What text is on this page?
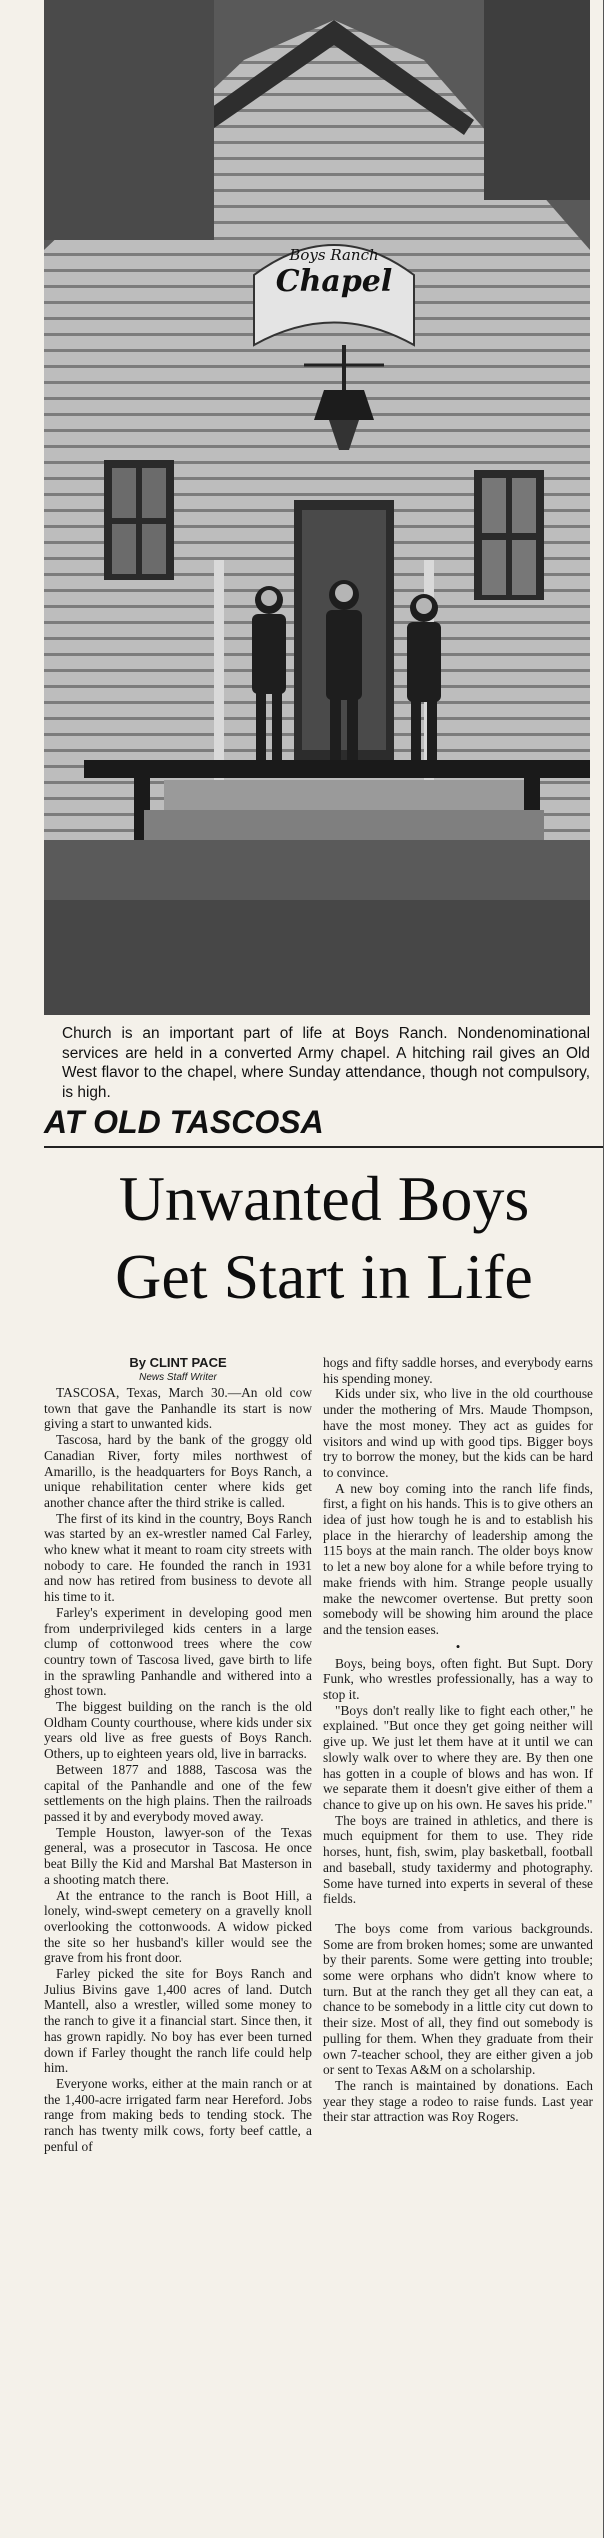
Boys Ranch
Chapel
Church is an important part of life at Boys Ranch. Nondenominational services are held in a converted Army chapel. A hitching rail gives an Old West flavor to the chapel, where Sunday attendance, though not compulsory, is high.
AT OLD TASCOSA
Unwanted Boys
Get Start in Life
By CLINT PACE
News Staff Writer

TASCOSA, Texas, March 30.—An old cow town that gave the Panhandle its start is now giving a start to unwanted kids.

Tascosa, hard by the bank of the groggy old Canadian River, forty miles northwest of Amarillo, is the headquarters for Boys Ranch, a unique rehabilitation center where kids get another chance after the third strike is called.

The first of its kind in the country, Boys Ranch was started by an ex-wrestler named Cal Farley, who knew what it meant to roam city streets with nobody to care. He founded the ranch in 1931 and now has retired from business to devote all his time to it.

Farley's experiment in developing good men from underprivileged kids centers in a large clump of cottonwood trees where the cow country town of Tascosa lived, gave birth to life in the sprawling Panhandle and withered into a ghost town.

The biggest building on the ranch is the old Oldham County courthouse, where kids under six years old live as free guests of Boys Ranch. Others, up to eighteen years old, live in barracks.

Between 1877 and 1888, Tascosa was the capital of the Panhandle and one of the few settlements on the high plains. Then the railroads passed it by and everybody moved away.

Temple Houston, lawyer-son of the Texas general, was a prosecutor in Tascosa. He once beat Billy the Kid and Marshal Bat Masterson in a shooting match there.

At the entrance to the ranch is Boot Hill, a lonely, wind-swept cemetery on a gravelly knoll overlooking the cottonwoods. A widow picked the site so her husband's killer would see the grave from his front door.

Farley picked the site for Boys Ranch and Julius Bivins gave 1,400 acres of land. Dutch Mantell, also a wrestler, willed some money to the ranch to give it a financial start. Since then, it has grown rapidly. No boy has ever been turned down if Farley thought the ranch life could help him.

Everyone works, either at the main ranch or at the 1,400-acre irrigated farm near Hereford. Jobs range from making beds to tending stock. The ranch has twenty milk cows, forty beef cattle, a penful of

hogs and fifty saddle horses, and everybody earns his spending money.

Kids under six, who live in the old courthouse under the mothering of Mrs. Maude Thompson, have the most money. They act as guides for visitors and wind up with good tips. Bigger boys try to borrow the money, but the kids can be hard to convince.

A new boy coming into the ranch life finds, first, a fight on his hands. This is to give others an idea of just how tough he is and to establish his place in the hierarchy of leadership among the 115 boys at the main ranch. The older boys know to let a new boy alone for a while before trying to make friends with him. Strange people usually make the newcomer overtense. But pretty soon somebody will be showing him around the place and the tension eases.

•

Boys, being boys, often fight. But Supt. Dory Funk, who wrestles professionally, has a way to stop it.

"Boys don't really like to fight each other," he explained. "But once they get going neither will give up. We just let them have at it until we can slowly walk over to where they are. By then one has gotten in a couple of blows and has won. If we separate them it doesn't give either of them a chance to give up on his own. He saves his pride."

The boys are trained in athletics, and there is much equipment for them to use. They ride horses, hunt, fish, swim, play basketball, football and baseball, study taxidermy and photography. Some have turned into experts in several of these fields.

The boys come from various backgrounds. Some are from broken homes; some are unwanted by their parents. Some were getting into trouble; some were orphans who didn't know where to turn. But at the ranch they get all they can eat, a chance to be somebody in a little city cut down to their size. Most of all, they find out somebody is pulling for them. When they graduate from their own 7-teacher school, they are either given a job or sent to Texas A&M on a scholarship.

The ranch is maintained by donations. Each year they stage a rodeo to raise funds. Last year their star attraction was Roy Rogers.
